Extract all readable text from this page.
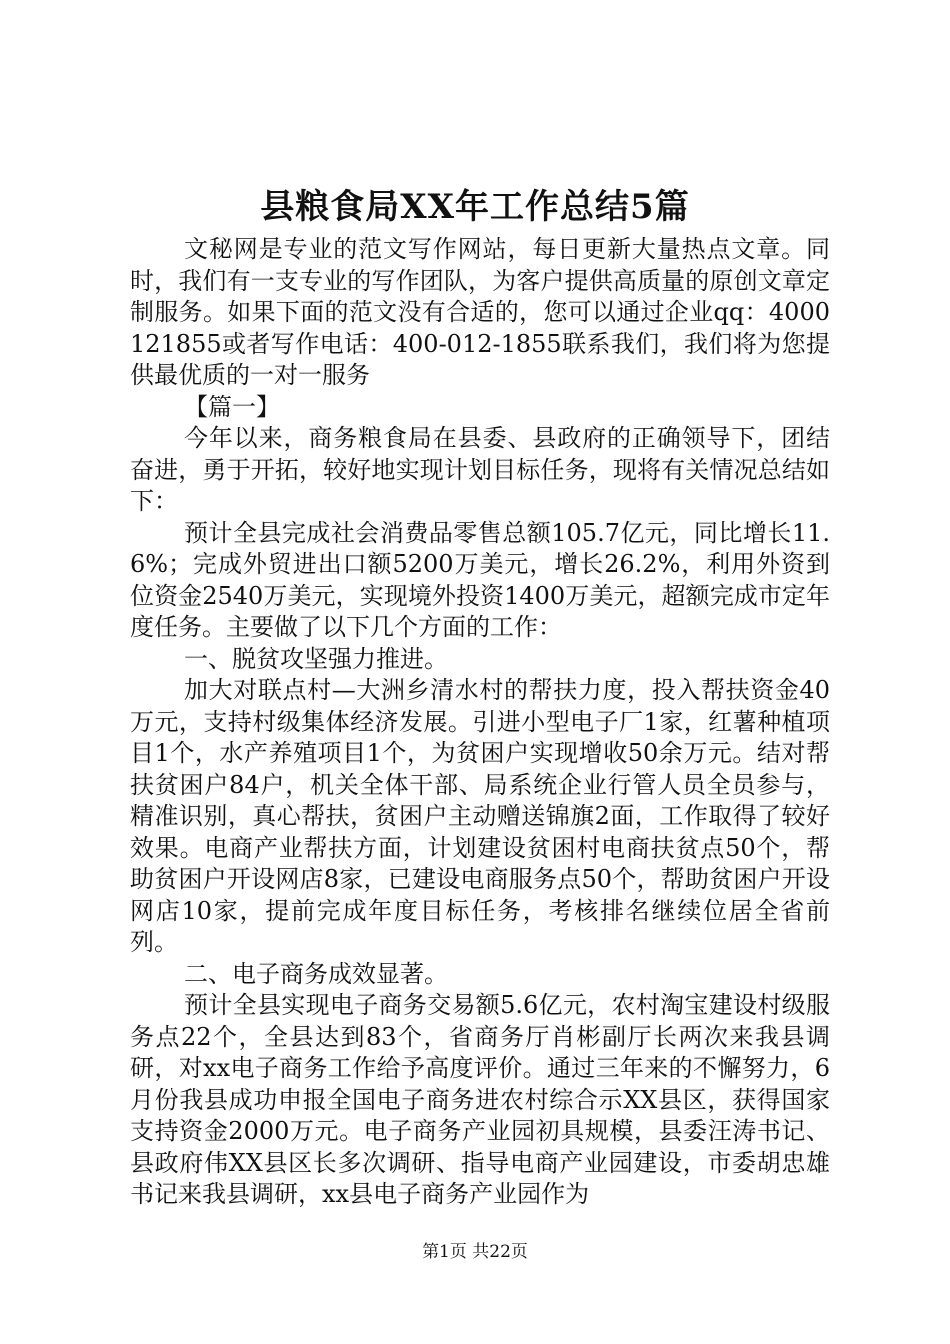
县粮食局XX年工作总结5篇

文秘网是专业的范文写作网站，每日更新大量热点文章。同时，我们有一支专业的写作团队，为客户提供高质量的原创文章定制服务。如果下面的范文没有合适的，您可以通过企业qq：4000121855或者写作电话：400-012-1855联系我们，我们将为您提供最优质的一对一服务

【篇一】

今年以来，商务粮食局在县委、县政府的正确领导下，团结奋进，勇于开拓，较好地实现计划目标任务，现将有关情况总结如下：

预计全县完成社会消费品零售总额105.7亿元，同比增长11.6%；完成外贸进出口额5200万美元，增长26.2%，利用外资到位资金2540万美元，实现境外投资1400万美元，超额完成市定年度任务。主要做了以下几个方面的工作：

一、脱贫攻坚强力推进。

加大对联点村—大洲乡清水村的帮扶力度，投入帮扶资金40万元，支持村级集体经济发展。引进小型电子厂1家，红薯种植项目1个，水产养殖项目1个，为贫困户实现增收50余万元。结对帮扶贫困户84户，机关全体干部、局系统企业行管人员全员参与，精准识别，真心帮扶，贫困户主动赠送锦旗2面，工作取得了较好效果。电商产业帮扶方面，计划建设贫困村电商扶贫点50个，帮助贫困户开设网店8家，已建设电商服务点50个，帮助贫困户开设网店10家，提前完成年度目标任务，考核排名继续位居全省前列。

二、电子商务成效显著。

预计全县实现电子商务交易额5.6亿元，农村淘宝建设村级服务点22个，全县达到83个，省商务厅肖彬副厅长两次来我县调研，对xx电子商务工作给予高度评价。通过三年来的不懈努力，6月份我县成功申报全国电子商务进农村综合示XX县区，获得国家支持资金2000万元。电子商务产业园初具规模，县委汪涛书记、县政府伟XX县区长多次调研、指导电商产业园建设，市委胡忠雄书记来我县调研，xx县电子商务产业园作为

第1页 共22页
